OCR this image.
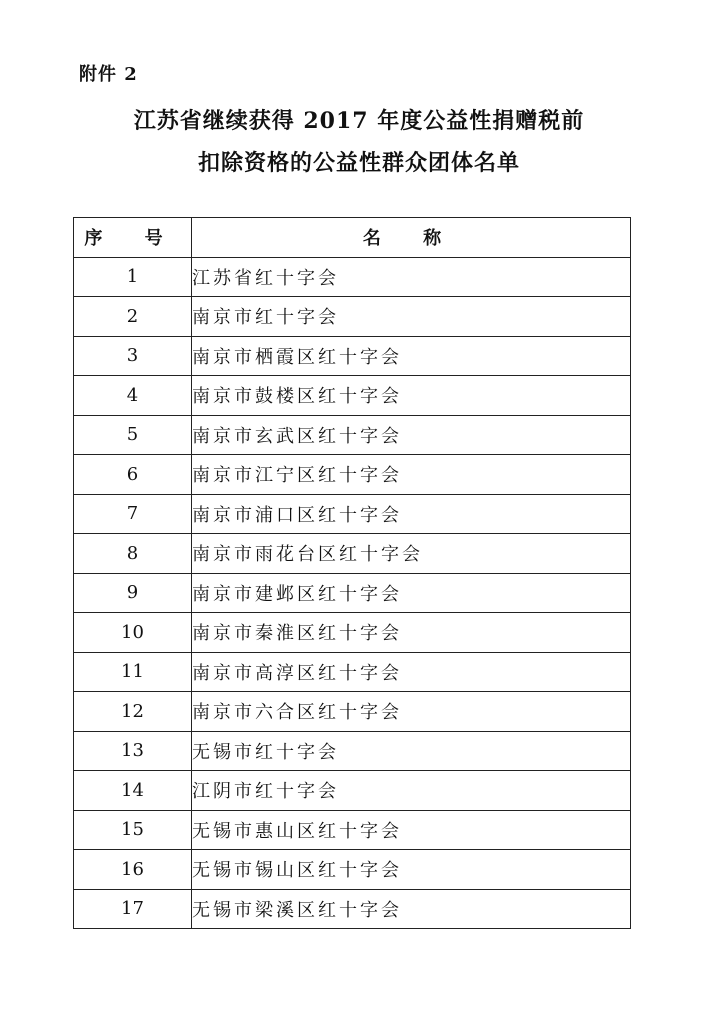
附件 2
江苏省继续获得 2017 年度公益性捐赠税前
扣除资格的公益性群众团体名单
序 号	名 称
1	江苏省红十字会
2	南京市红十字会
3	南京市栖霞区红十字会
4	南京市鼓楼区红十字会
5	南京市玄武区红十字会
6	南京市江宁区红十字会
7	南京市浦口区红十字会
8	南京市雨花台区红十字会
9	南京市建邺区红十字会
10	南京市秦淮区红十字会
11	南京市高淳区红十字会
12	南京市六合区红十字会
13	无锡市红十字会
14	江阴市红十字会
15	无锡市惠山区红十字会
16	无锡市锡山区红十字会
17	无锡市梁溪区红十字会
